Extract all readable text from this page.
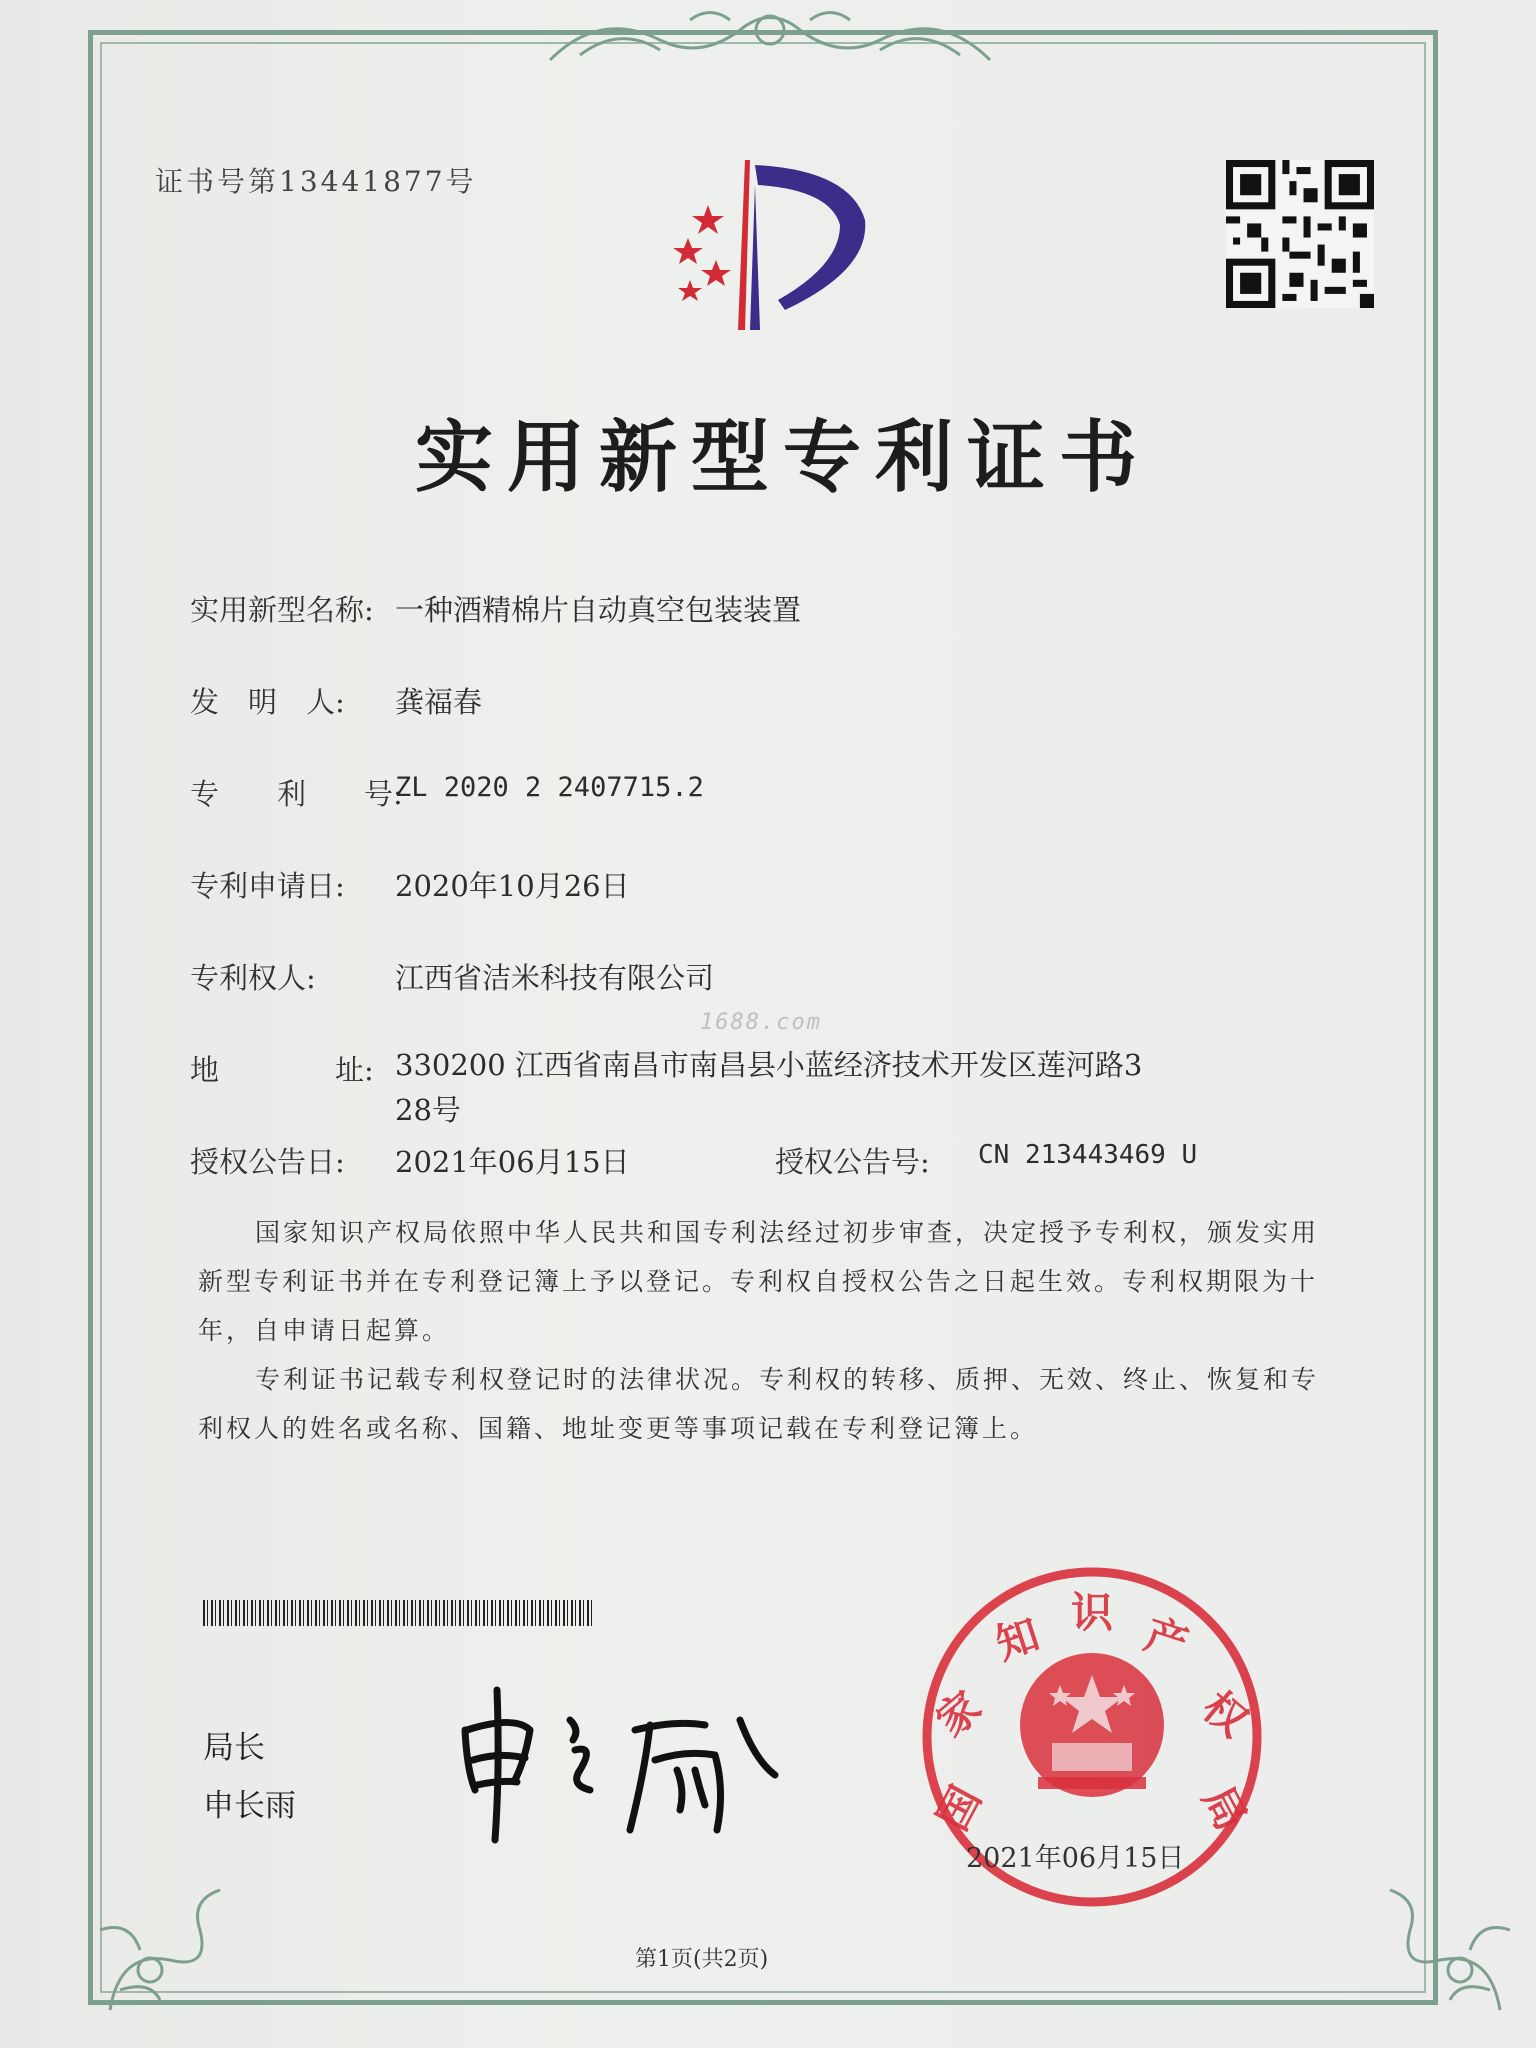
证书号第13441877号
实用新型专利证书
实用新型名称: 一种酒精棉片自动真空包装装置
发　明　人: 龚福春
专　　利　　号:
ZL 2020 2 2407715.2
专利申请日: 2020年10月26日
专利权人:	江西省洁米科技有限公司
1688.com
地　　　　址: 330200 江西省南昌市南昌县小蓝经济技术开发区莲河路3
28号
授权公告日: 2021年06月15日	授权公告号: CN 213443469 U
国家知识产权局依照中华人民共和国专利法经过初步审查，决定授予专利权，颁发实用
新型专利证书并在专利登记簿上予以登记。专利权自授权公告之日起生效。专利权期限为十
年，自申请日起算。
专利证书记载专利权登记时的法律状况。专利权的转移、质押、无效、终止、恢复和专
利权人的姓名或名称、国籍、地址变更等事项记载在专利登记簿上。
局长
申长雨	国
家
知 识 产
权
局
2021年06月15日
第1页(共2页)
